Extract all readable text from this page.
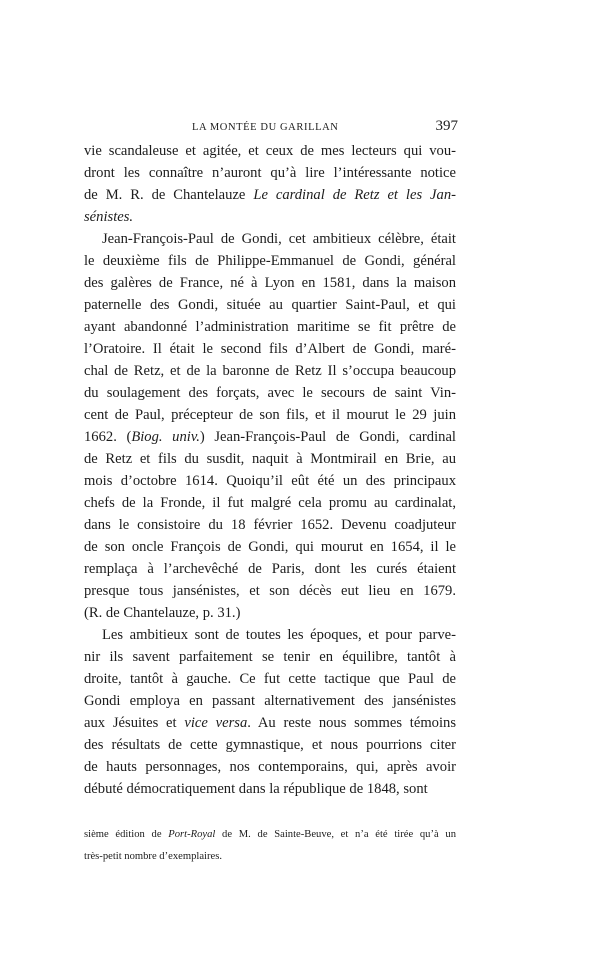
LA MONTÉE DU GARILLAN	397
vie scandaleuse et agitée, et ceux de mes lecteurs qui vou-
dront les connaître n’auront qu’à lire l’intéressante notice
de M. R. de Chantelauze Le cardinal de Retz et les Jan-
sénistes.
Jean-François-Paul de Gondi, cet ambitieux célèbre, était
le deuxième fils de Philippe-Emmanuel de Gondi, général
des galères de France, né à Lyon en 1581, dans la maison
paternelle des Gondi, située au quartier Saint-Paul, et qui
ayant abandonné l’administration maritime se fit prêtre de
l’Oratoire. Il était le second fils d’Albert de Gondi, maré-
chal de Retz, et de la baronne de Retz Il s’occupa beaucoup
du soulagement des forçats, avec le secours de saint Vin-
cent de Paul, précepteur de son fils, et il mourut le 29 juin
1662. (Biog. univ.) Jean-François-Paul de Gondi, cardinal
de Retz et fils du susdit, naquit à Montmirail en Brie, au
mois d’octobre 1614. Quoiqu’il eût été un des principaux
chefs de la Fronde, il fut malgré cela promu au cardinalat,
dans le consistoire du 18 février 1652. Devenu coadjuteur
de son oncle François de Gondi, qui mourut en 1654, il le
remplaça à l’archevêché de Paris, dont les curés étaient
presque tous jansénistes, et son décès eut lieu en 1679.
(R. de Chantelauze, p. 31.)
Les ambitieux sont de toutes les époques, et pour parve-
nir ils savent parfaitement se tenir en équilibre, tantôt à
droite, tantôt à gauche. Ce fut cette tactique que Paul de
Gondi employa en passant alternativement des jansénistes
aux Jésuites et vice versa. Au reste nous sommes témoins
des résultats de cette gymnastique, et nous pourrions citer
de hauts personnages, nos contemporains, qui, après avoir
débuté démocratiquement dans la république de 1848, sont
sième édition de Port-Royal de M. de Sainte-Beuve, et n’a été tirée qu’à un
très-petit nombre d’exemplaires.
